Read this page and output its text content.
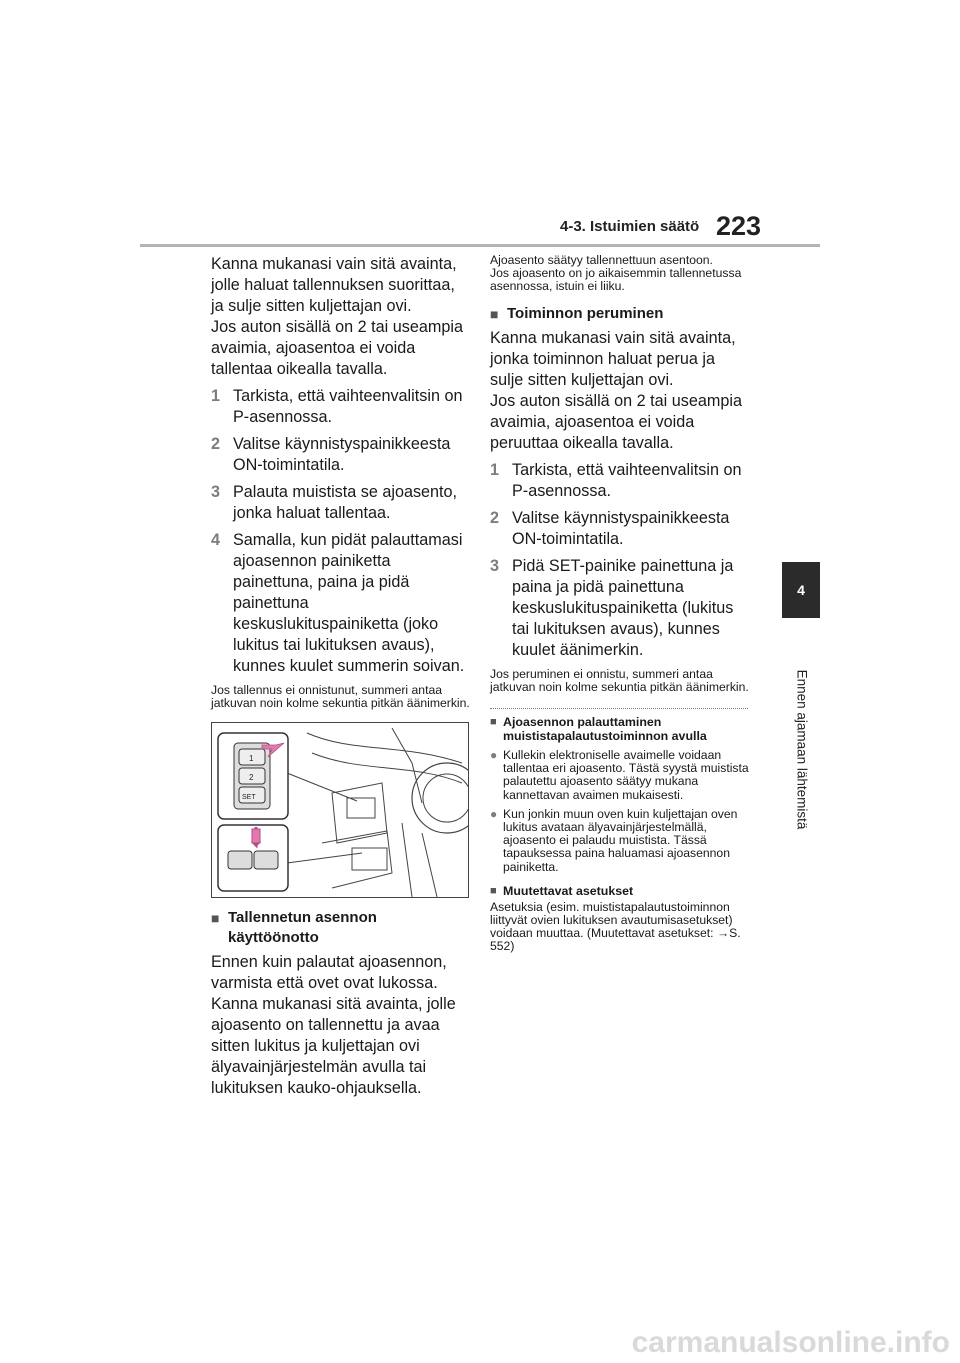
4-3. Istuimien säätö 223
4
Ennen ajamaan lähtemistä

Kanna mukanasi vain sitä avainta, jolle haluat tallennuksen suorittaa, ja sulje sitten kuljettajan ovi.

Jos auton sisällä on 2 tai useampia avaimia, ajoasentoa ei voida tallentaa oikealla tavalla.

1 Tarkista, että vaihteenvalitsin on P-asennossa.
2 Valitse käynnistyspainikkeesta ON-toimintatila.
3 Palauta muistista se ajoasento, jonka haluat tallentaa.
4 Samalla, kun pidät palauttamasi ajoasennon painiketta painettuna, paina ja pidä painettuna keskuslukituspainiketta (joko lukitus tai lukituksen avaus), kunnes kuulet summerin soivan.

Jos tallennus ei onnistunut, summeri antaa jatkuvan noin kolme sekuntia pitkän äänimerkin.

1
2
SET
■ Tallennetun asennon käyttöönotto

Ennen kuin palautat ajoasennon, varmista että ovet ovat lukossa.

Kanna mukanasi sitä avainta, jolle ajoasento on tallennettu ja avaa sitten lukitus ja kuljettajan ovi älyavainjärjestelmän avulla tai lukituksen kauko-ohjauksella.

Ajoasento säätyy tallennettuun asentoon.

Jos ajoasento on jo aikaisemmin tallennetussa asennossa, istuin ei liiku.

■ Toiminnon peruminen

Kanna mukanasi vain sitä avainta, jonka toiminnon haluat perua ja sulje sitten kuljettajan ovi.

Jos auton sisällä on 2 tai useampia avaimia, ajoasentoa ei voida peruuttaa oikealla tavalla.

1 Tarkista, että vaihteenvalitsin on P-asennossa.
2 Valitse käynnistyspainikkeesta ON-toimintatila.
3 Pidä SET-painike painettuna ja paina ja pidä painettuna keskuslukituspainiketta (lukitus tai lukituksen avaus), kunnes kuulet äänimerkin.

Jos peruminen ei onnistu, summeri antaa jatkuvan noin kolme sekuntia pitkän äänimerkin.

■ Ajoasennon palauttaminen muististapalautustoiminnon avulla
● Kullekin elektroniselle avaimelle voidaan tallentaa eri ajoasento. Tästä syystä muistista palautettu ajoasento säätyy mukana kannettavan avaimen mukaisesti.
● Kun jonkin muun oven kuin kuljettajan oven lukitus avataan älyavainjärjestelmällä, ajoasento ei palaudu muistista. Tässä tapauksessa paina haluamasi ajoasennon painiketta.
■ Muutettavat asetukset

Asetuksia (esim. muististapalautustoiminnon liittyvät ovien lukituksen avautumisasetukset) voidaan muuttaa. (Muutettavat asetukset: →S. 552)

carmanualsonline.info
